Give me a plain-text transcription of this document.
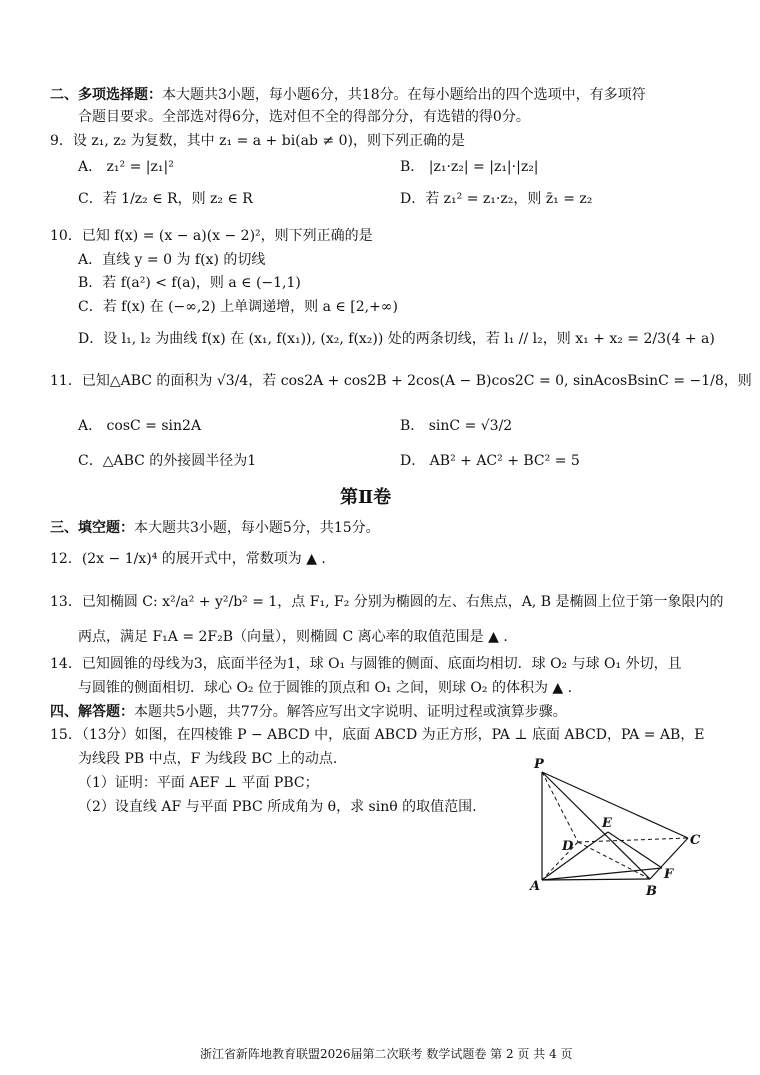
二、多项选择题：本大题共3小题，每小题6分，共18分。在每小题给出的四个选项中，有多项符
合题目要求。全部选对得6分，选对但不全的得部分分，有选错的得0分。
9．设 z₁, z₂ 为复数，其中 z₁ = a + bi(ab ≠ 0)，则下列正确的是
A． z₁² = |z₁|²	B． |z₁·z₂| = |z₁|·|z₂|
C．若 1/z₂ ∈ R，则 z₂ ∈ R	D．若 z₁² = z₁·z₂，则 z̄₁ = z₂
10．已知 f(x) = (x − a)(x − 2)²，则下列正确的是
A．直线 y = 0 为 f(x) 的切线
B．若 f(a²) < f(a)，则 a ∈ (−1,1)
C．若 f(x) 在 (−∞,2) 上单调递增，则 a ∈ [2,+∞)
D．设 l₁, l₂ 为曲线 f(x) 在 (x₁, f(x₁)), (x₂, f(x₂)) 处的两条切线，若 l₁ // l₂，则 x₁ + x₂ = 2/3(4 + a)
11．已知△ABC 的面积为 √3/4，若 cos2A + cos2B + 2cos(A − B)cos2C = 0, sinAcosBsinC = −1/8，则
A． cosC = sin2A	B． sinC = √3/2
C．△ABC 的外接圆半径为1	D． AB² + AC² + BC² = 5
第Ⅱ卷
三、填空题：本大题共3小题，每小题5分，共15分。
12．(2x − 1/x)⁴ 的展开式中，常数项为 ▲ .
13．已知椭圆 C: x²/a² + y²/b² = 1，点 F₁, F₂ 分别为椭圆的左、右焦点，A, B 是椭圆上位于第一象限内的
两点，满足 F₁A = 2F₂B（向量），则椭圆 C 离心率的取值范围是 ▲ .
14．已知圆锥的母线为3，底面半径为1，球 O₁ 与圆锥的侧面、底面均相切．球 O₂ 与球 O₁ 外切，且
与圆锥的侧面相切．球心 O₂ 位于圆锥的顶点和 O₁ 之间，则球 O₂ 的体积为 ▲ .
四、解答题：本题共5小题，共77分。解答应写出文字说明、证明过程或演算步骤。
15．（13分）如图，在四棱锥 P − ABCD 中，底面 ABCD 为正方形，PA ⊥ 底面 ABCD，PA = AB，E
为线段 PB 中点，F 为线段 BC 上的动点.
（1）证明：平面 AEF ⊥ 平面 PBC；
（2）设直线 AF 与平面 PBC 所成角为 θ，求 sinθ 的取值范围.
P
E
D	C
A	B
F
浙江省新阵地教育联盟2026届第二次联考 数学试题卷 第 2 页 共 4 页
